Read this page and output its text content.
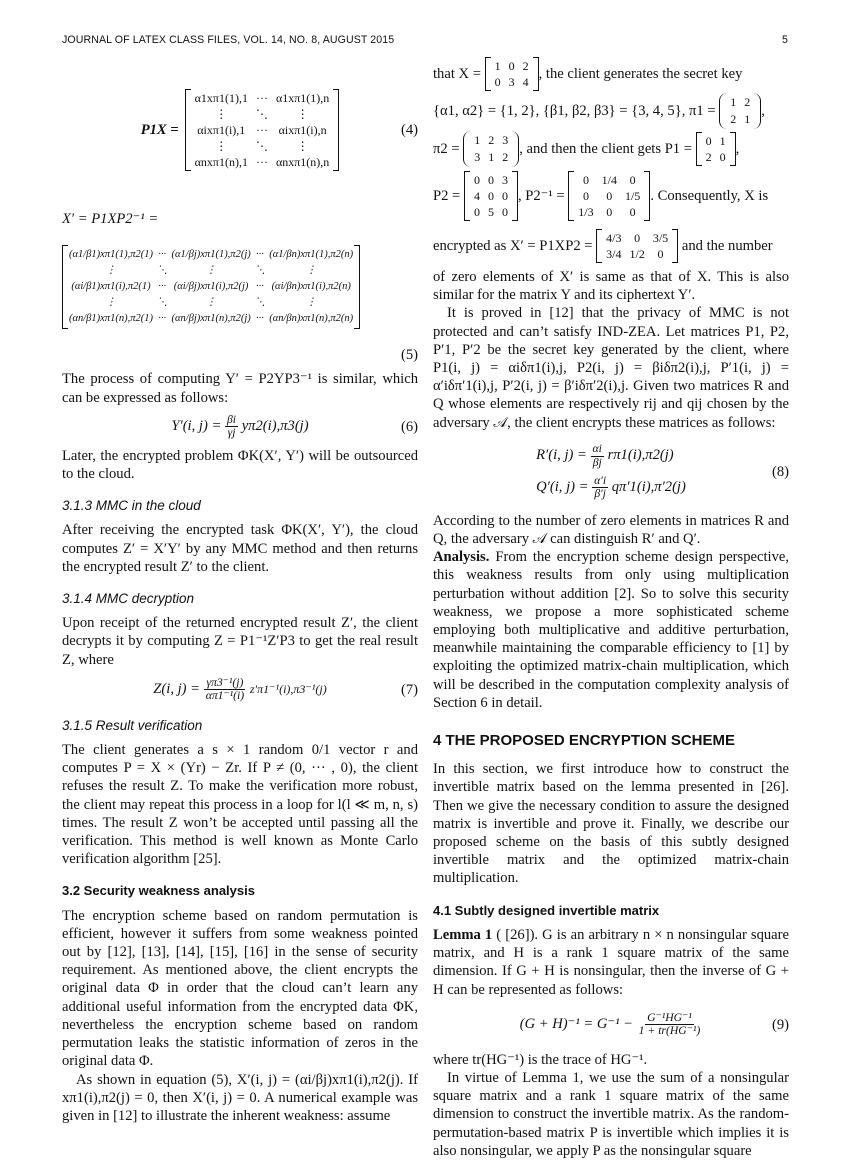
JOURNAL OF LATEX CLASS FILES, VOL. 14, NO. 8, AUGUST 2015	5
P1X =
α1xπ1(1),1	···	α1xπ1(1),n
⋮	⋱	⋮
αixπ1(i),1	···	αixπ1(i),n
⋮	⋱	⋮
αnxπ1(n),1	···	αnxπ1(n),n
(4)
X′ = P1XP2⁻¹ =
(α1/β1)xπ1(1),π2(1)	···	(α1/βj)xπ1(1),π2(j)	···	(α1/βn)xπ1(1),π2(n)
⋮	⋱	⋮	⋱	⋮
(αi/β1)xπ1(i),π2(1)	···	(αi/βj)xπ1(i),π2(j)	···	(αi/βn)xπ1(i),π2(n)
⋮	⋱	⋮	⋱	⋮
(αn/β1)xπ1(n),π2(1)	···	(αn/βj)xπ1(n),π2(j)	···	(αn/βn)xπ1(n),π2(n)
(5)

The process of computing Y′ = P2YP3⁻¹ is similar, which can be expressed as follows:

Y′(i, $j) = \frac{\beta i}{\gamma j} y\pi 2(i),\pi 3(j)$	(6)

Later, the encrypted problem ΦK(X′, Y′) will be outsourced to the cloud.

3.1.3 MMC in the cloud

After receiving the encrypted task ΦK(X′, Y′), the cloud computes Z′ = X′Y′ by any MMC method and then returns the encrypted result Z′ to the client.

3.1.4 MMC decryption

Upon receipt of the returned encrypted result Z′, the client decrypts it by computing Z = P1⁻¹Z′P3 to get the real result Z, where

Z(i, $j) = \frac{\text{γπ3⁻¹(j)}}{\text{απ1⁻¹(i)}} z'\pi 1^{-1}(i),\pi 3^{-1}(j)$	(7)
3.1.5 Result verification

The client generates a s × 1 random 0/1 vector r and computes P = X × (Yr) − Zr. If P ≠ (0, ··· , 0), the client refuses the result Z. To make the verification more robust, the client may repeat this process in a loop for l(l ≪ m, n, s) times. The result Z won’t be accepted until passing all the verification. This method is well known as Monte Carlo verification algorithm [25].

3.2 Security weakness analysis

The encryption scheme based on random permutation is efficient, however it suffers from some weakness pointed out by [12], [13], [14], [15], [16] in the sense of security requirement. As mentioned above, the client encrypts the original data Φ in order that the cloud can’t learn any additional useful information from the encrypted data ΦK, nevertheless the encryption scheme based on random permutation leaks the statistic information of zeros in the original data Φ.

As shown in equation (5), X′(i, j) = (αi/βj)xπ1(i),π2(j). If xπ1(i),π2(j) = 0, then X′(i, j) = 0. A numerical example was given in [12] to illustrate the inherent weakness: assume

that X =
1	0	2
0	3	4
, the client generates the secret key
{α1, α2} = {1, 2}, {β1, β2, β3} = {3, 4, 5}, π1 =

1	2
2	1
,
π2 =

1	2	3
3	1	2
, and then the client gets P1 =
0	1
2	0
,
P2 =

0	0	3
4	0	0
0	5	0
, P2⁻¹ =

0	1/4	0
0	0	1/5
1/3	0	0
. Consequently, X is
encrypted as X′ = P1XP2 =
4/3	0	3/5
3/4	1/2	0

and the number

of zero elements of X′ is same as that of X. This is also similar for the matrix Y and its ciphertext Y′.

It is proved in [12] that the privacy of MMC is not protected and can’t satisfy IND-ZEA. Let matrices P1, P2, P′1, P′2 be the secret key generated by the client, where P1(i, j) = αiδπ1(i),j, P2(i, j) = βiδπ2(i),j, P′1(i, j) = α′iδπ′1(i),j, P′2(i, j) = β′iδπ′2(i),j. Given two matrices R and Q whose elements are respectively rij and qij chosen by the adversary 𝒜, the client encrypts these matrices as follows:

R′(i, $j) = \frac{\alpha i}{\beta j} r\pi 1(i),\pi 2(j)$
Q′(i, $j) = \frac{\alpha'i}{\beta'j} q\pi'1(i),\pi'2(j)$
(8)

According to the number of zero elements in matrices R and Q, the adversary 𝒜 can distinguish R′ and Q′.

Analysis. From the encryption scheme design perspective, this weakness results from only using multiplication perturbation without addition [2]. So to solve this security weakness, we propose a more sophisticated scheme employing both multiplicative and additive perturbation, meanwhile maintaining the comparable efficiency to [1] by exploiting the optimized matrix-chain multiplication, which will be described in the computation complexity analysis of Section 6 in detail.

4 THE PROPOSED ENCRYPTION SCHEME

In this section, we first introduce how to construct the invertible matrix based on the lemma presented in [26]. Then we give the necessary condition to assure the designed matrix is invertible and prove it. Finally, we describe our proposed scheme on the basis of this subtly designed invertible matrix and the optimized matrix-chain multiplication.

4.1 Subtly designed invertible matrix

Lemma 1 ( [26]). G is an arbitrary n × n nonsingular square matrix, and H is a rank 1 square matrix of the same dimension. If G + H is nonsingular, then the inverse of G + H can be represented as follows:

$(G + H)^{-1} = G^{-1} - \frac{\text{G⁻¹HG⁻¹}}{\text{1 + tr(HG⁻¹)}}$	(9)

where tr(HG⁻¹) is the trace of HG⁻¹.

In virtue of Lemma 1, we use the sum of a nonsingular square matrix and a rank 1 square matrix of the same dimension to construct the invertible matrix. As the random-permutation-based matrix P is invertible which implies it is also nonsingular, we apply P as the nonsingular square
